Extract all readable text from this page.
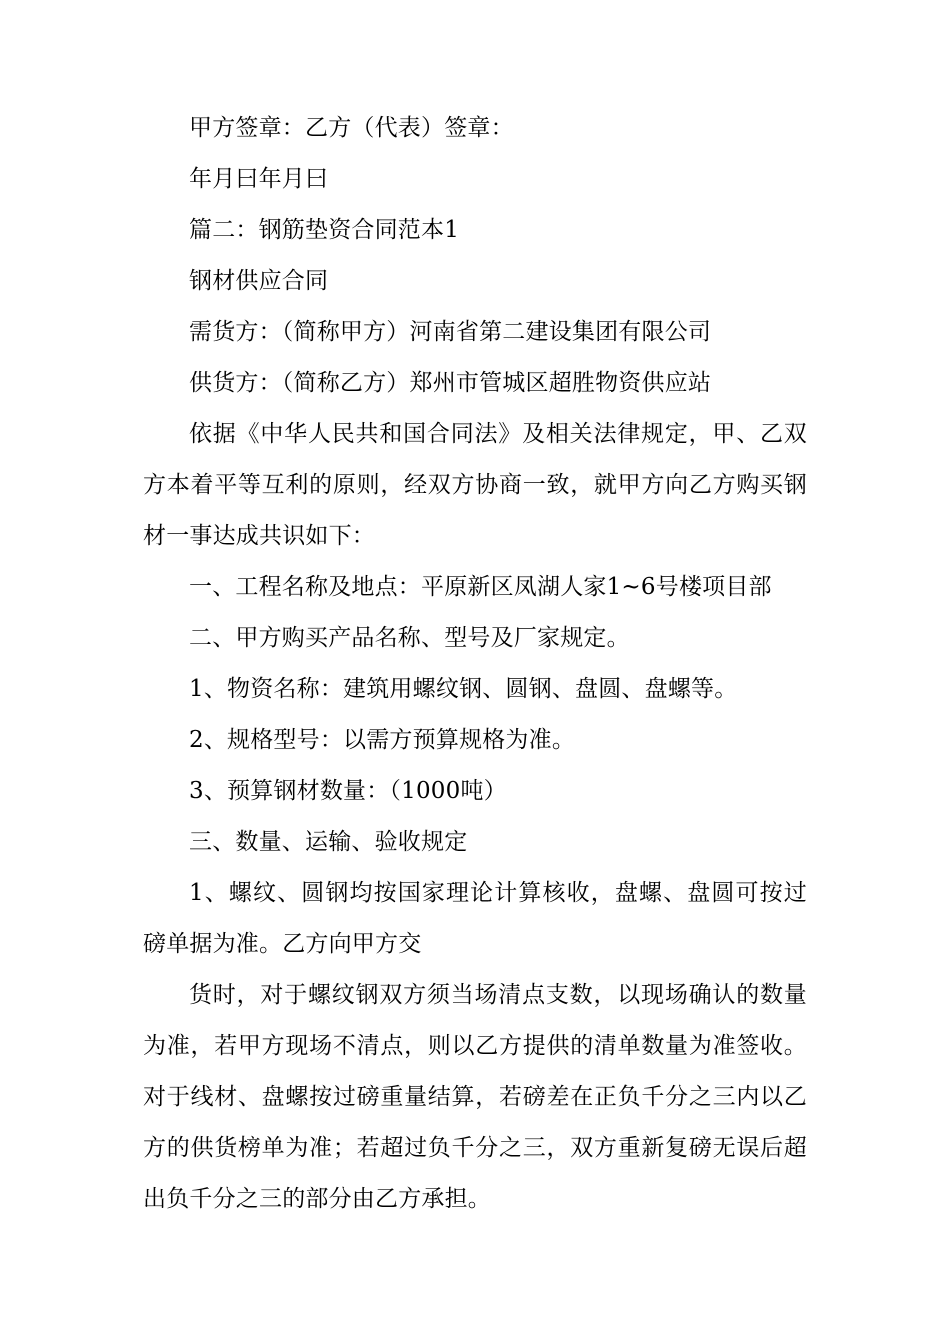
甲方签章：乙方（代表）签章：

年月曰年月曰

篇二：钢筋垫资合同范本1

钢材供应合同

需货方：（简称甲方）河南省第二建设集团有限公司

供货方：（简称乙方）郑州市管城区超胜物资供应站

依据《中华人民共和国合同法》及相关法律规定，甲、乙双方本着平等互利的原则，经双方协商一致，就甲方向乙方购买钢材一事达成共识如下：

一、工程名称及地点：平原新区凤湖人家1~6号楼项目部

二、甲方购买产品名称、型号及厂家规定。

1、物资名称：建筑用螺纹钢、圆钢、盘圆、盘螺等。

2、规格型号：以需方预算规格为准。

3、预算钢材数量：（1000吨）

三、数量、运输、验收规定

1、螺纹、圆钢均按国家理论计算核收，盘螺、盘圆可按过磅单据为准。乙方向甲方交

货时，对于螺纹钢双方须当场清点支数，以现场确认的数量为准，若甲方现场不清点，则以乙方提供的清单数量为准签收。对于线材、盘螺按过磅重量结算，若磅差在正负千分之三内以乙方的供货榜单为准；若超过负千分之三，双方重新复磅无误后超出负千分之三的部分由乙方承担。
